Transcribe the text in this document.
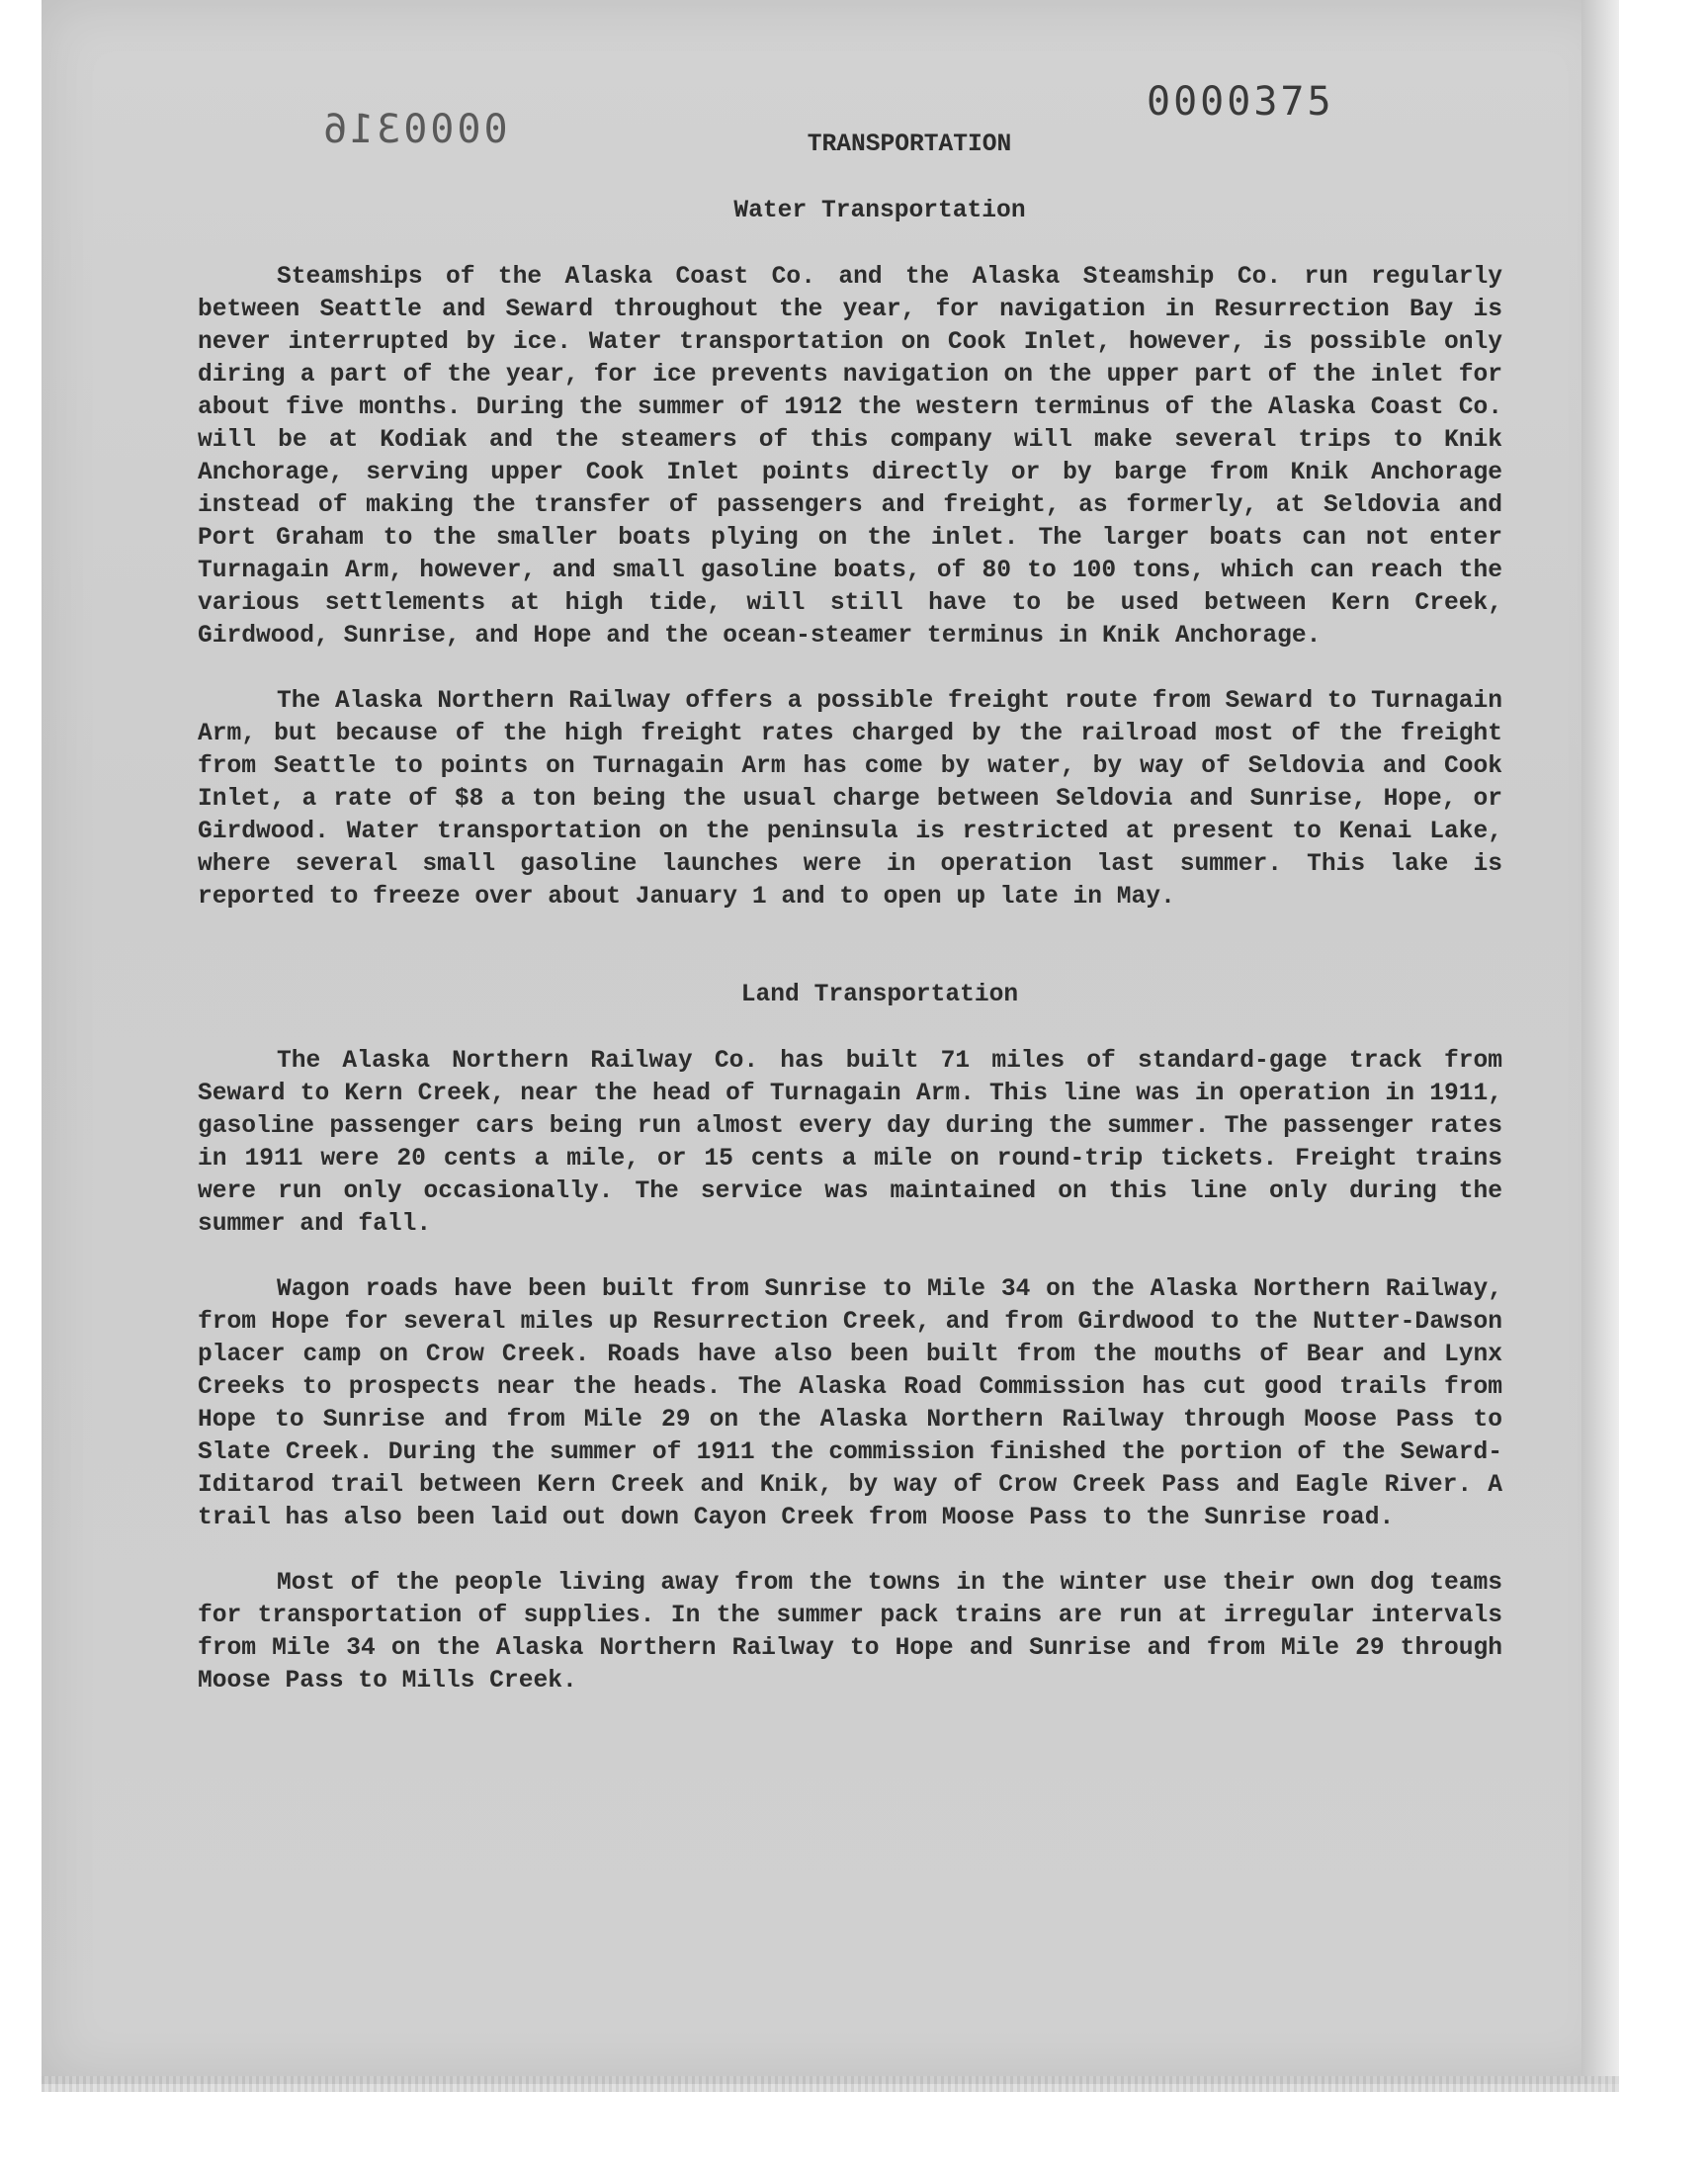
0000316
0000375
TRANSPORTATION
Water Transportation

Steamships of the Alaska Coast Co. and the Alaska Steamship Co. run regularly between Seattle and Seward throughout the year, for navigation in Resurrection Bay is never interrupted by ice. Water transportation on Cook Inlet, however, is possible only diring a part of the year, for ice prevents navigation on the upper part of the inlet for about five months. During the summer of 1912 the western terminus of the Alaska Coast Co. will be at Kodiak and the steamers of this company will make several trips to Knik Anchorage, serving upper Cook Inlet points directly or by barge from Knik Anchorage instead of making the transfer of passengers and freight, as formerly, at Seldovia and Port Graham to the smaller boats plying on the inlet. The larger boats can not enter Turnagain Arm, however, and small gasoline boats, of 80 to 100 tons, which can reach the various settlements at high tide, will still have to be used between Kern Creek, Girdwood, Sunrise, and Hope and the ocean-steamer terminus in Knik Anchorage.

The Alaska Northern Railway offers a possible freight route from Seward to Turnagain Arm, but because of the high freight rates charged by the railroad most of the freight from Seattle to points on Turnagain Arm has come by water, by way of Seldovia and Cook Inlet, a rate of $8 a ton being the usual charge between Seldovia and Sunrise, Hope, or Girdwood. Water transportation on the peninsula is restricted at present to Kenai Lake, where several small gasoline launches were in operation last summer. This lake is reported to freeze over about January 1 and to open up late in May.

Land Transportation

The Alaska Northern Railway Co. has built 71 miles of standard-gage track from Seward to Kern Creek, near the head of Turnagain Arm. This line was in operation in 1911, gasoline passenger cars being run almost every day during the summer. The passenger rates in 1911 were 20 cents a mile, or 15 cents a mile on round-trip tickets. Freight trains were run only occasionally. The service was maintained on this line only during the summer and fall.

Wagon roads have been built from Sunrise to Mile 34 on the Alaska Northern Railway, from Hope for several miles up Resurrection Creek, and from Girdwood to the Nutter-Dawson placer camp on Crow Creek. Roads have also been built from the mouths of Bear and Lynx Creeks to prospects near the heads. The Alaska Road Commission has cut good trails from Hope to Sunrise and from Mile 29 on the Alaska Northern Railway through Moose Pass to Slate Creek. During the summer of 1911 the commission finished the portion of the Seward-Iditarod trail between Kern Creek and Knik, by way of Crow Creek Pass and Eagle River. A trail has also been laid out down Cayon Creek from Moose Pass to the Sunrise road.

Most of the people living away from the towns in the winter use their own dog teams for transportation of supplies. In the summer pack trains are run at irregular intervals from Mile 34 on the Alaska Northern Railway to Hope and Sunrise and from Mile 29 through Moose Pass to Mills Creek.
